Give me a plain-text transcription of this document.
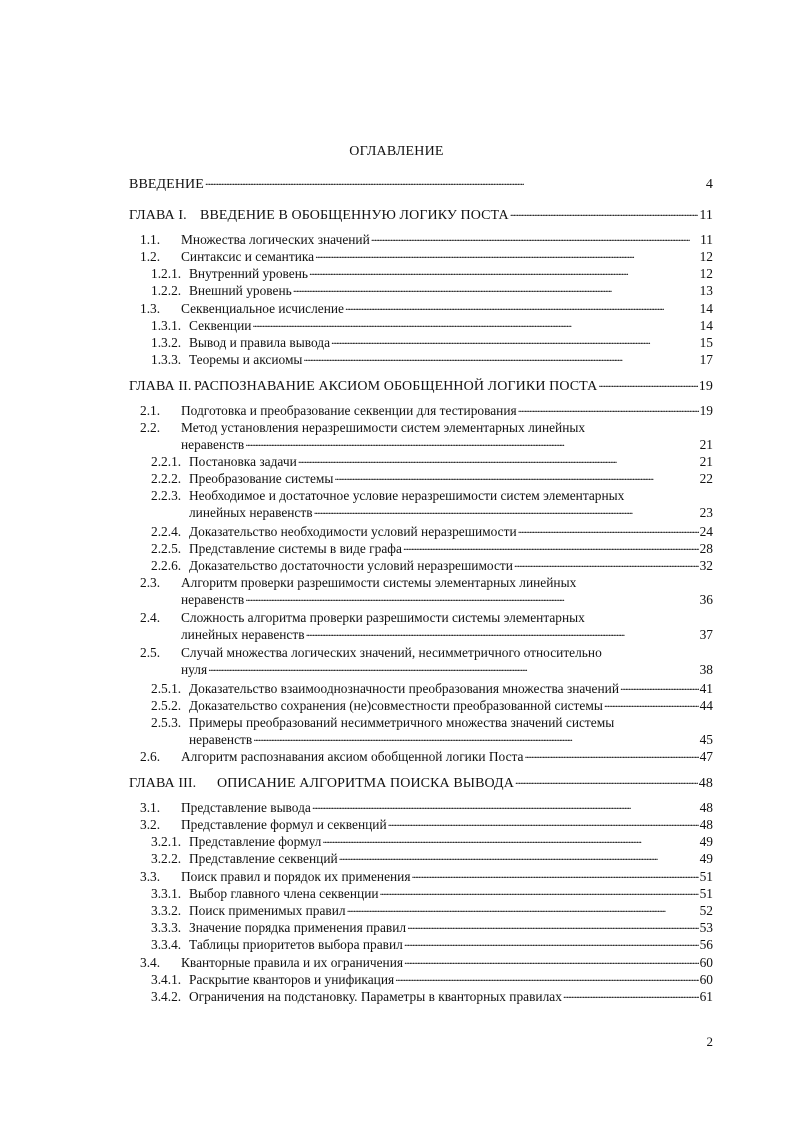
ОГЛАВЛЕНИЕ
ВВЕДЕНИЕ . . .	4
ГЛАВА I. ВВЕДЕНИЕ В ОБОБЩЕННУЮ ЛОГИКУ ПОСТА . . .	11
1.1.	Множества логических значений . . .	11
1.2.	Синтаксис и семантика . . .	12
1.2.1. Внутренний уровень . . .	12
1.2.2. Внешний уровень . . .	13
1.3.	Секвенциальное исчисление . . .	14
1.3.1. Секвенции . . .	14
1.3.2. Вывод и правила вывода . . .	15
1.3.3. Теоремы и аксиомы . . .	17
ГЛАВА II. РАСПОЗНАВАНИЕ АКСИОМ ОБОБЩЕННОЙ ЛОГИКИ ПОСТА . . .	19
2.1.	Подготовка и преобразование секвенции для тестирования . . .	19
2.2. Метод установления неразрешимости систем элементарных линейных
неравенств . . .	21
2.2.1. Постановка задачи . . .	21
2.2.2. Преобразование системы . . .	22
2.2.3. Необходимое и достаточное условие неразрешимости систем элементарных
линейных неравенств . . .	23
2.2.4. Доказательство необходимости условий неразрешимости . . .	24
2.2.5. Представление системы в виде графа . . .	28
2.2.6. Доказательство достаточности условий неразрешимости . . .	32
2.3. Алгоритм проверки разрешимости системы элементарных линейных
неравенств . . .	36
2.4. Сложность алгоритма проверки разрешимости системы элементарных
линейных неравенств . . .	37
2.5. Случай множества логических значений, несимметричного относительно
нуля . . .	38
2.5.1. Доказательство взаимооднозначности преобразования множества значений . . .	41
2.5.2. Доказательство сохранения (не)совместности преобразованной системы . . .	44
2.5.3. Примеры преобразований несимметричного множества значений системы
неравенств . . .	45
2.6.	Алгоритм распознавания аксиом обобщенной логики Поста . . .	47
ГЛАВА III.	ОПИСАНИЕ АЛГОРИТМА ПОИСКА ВЫВОДА . . .	48
3.1.	Представление вывода . . .	48
3.2.	Представление формул и секвенций . . .	48
3.2.1. Представление формул . . .	49
3.2.2. Представление секвенций . . .	49
3.3.	Поиск правил и порядок их применения . . .	51
3.3.1. Выбор главного члена секвенции . . .	51
3.3.2. Поиск применимых правил . . .	52
3.3.3. Значение порядка применения правил . . .	53
3.3.4. Таблицы приоритетов выбора правил . . .	56
3.4.	Кванторные правила и их ограничения . . .	60
3.4.1. Раскрытие кванторов и унификация . . .	60
3.4.2. Ограничения на подстановку. Параметры в кванторных правилах . . .	61
2
